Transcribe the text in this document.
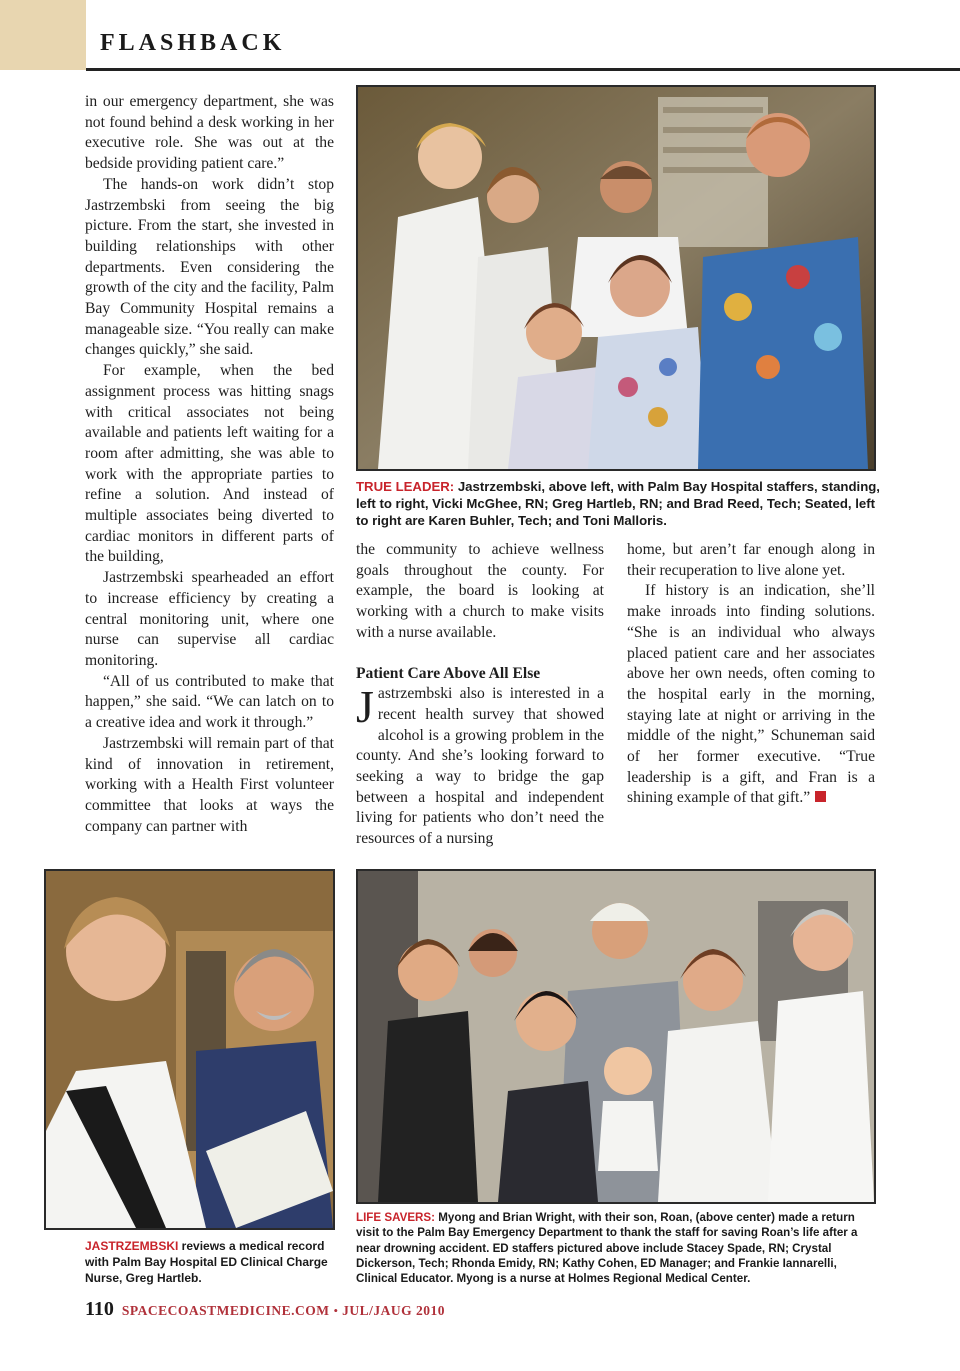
FLASHBACK

in our emergency department, she was not found behind a desk working in her executive role. She was out at the bedside providing patient care.”

The hands-on work didn’t stop Jastrzembski from seeing the big picture. From the start, she invested in building relationships with other departments. Even considering the growth of the city and the facility, Palm Bay Community Hospital remains a manageable size. “You really can make changes quickly,” she said.

For example, when the bed assignment process was hitting snags with critical associates not being available and patients left waiting for a room after admitting, she was able to work with the appropriate parties to refine a solution. And instead of multiple associates being diverted to cardiac monitors in different parts of the building,

Jastrzembski spearheaded an effort to increase efficiency by creating a central monitoring unit, where one nurse can supervise all cardiac monitoring.

“All of us contributed to make that happen,” she said. “We can latch on to a creative idea and work it through.”

Jastrzembski will remain part of that kind of innovation in retirement, working with a Health First volunteer committee that looks at ways the company can partner with

TRUE LEADER: Jastrzembski, above left, with Palm Bay Hospital staffers, standing, left to right, Vicki McGhee, RN; Greg Hartleb, RN; and Brad Reed, Tech; Seated, left to right are Karen Buhler, Tech; and Toni Malloris.

the community to achieve wellness goals throughout the county. For example, the board is looking at working with a church to make visits with a nurse available.

Patient Care Above All Else

Jastrzembski also is interested in a recent health survey that showed alcohol is a growing problem in the county. And she’s looking forward to seeking a way to bridge the gap between a hospital and independent living for patients who don’t need the resources of a nursing

home, but aren’t far enough along in their recuperation to live alone yet.

If history is an indication, she’ll make inroads into finding solutions. “She is an individual who always placed patient care and her associates above her own needs, often coming to the hospital early in the morning, staying late at night or arriving in the middle of the night,” Schuneman said of her former executive. “True leadership is a gift, and Fran is a shining example of that gift.”

JASTRZEMBSKI reviews a medical record with Palm Bay Hospital ED Clinical Charge Nurse, Greg Hartleb.
LIFE SAVERS: Myong and Brian Wright, with their son, Roan, (above center) made a return visit to the Palm Bay Emergency Department to thank the staff for saving Roan’s life after a near drowning accident. ED staffers pictured above include Stacey Spade, RN; Crystal Dickerson, Tech; Rhonda Emidy, RN; Kathy Cohen, ED Manager; and Frankie Iannarelli, Clinical Educator. Myong is a nurse at Holmes Regional Medical Center.
110 SPACECOASTMEDICINE.COM • JUL/JAUG 2010
